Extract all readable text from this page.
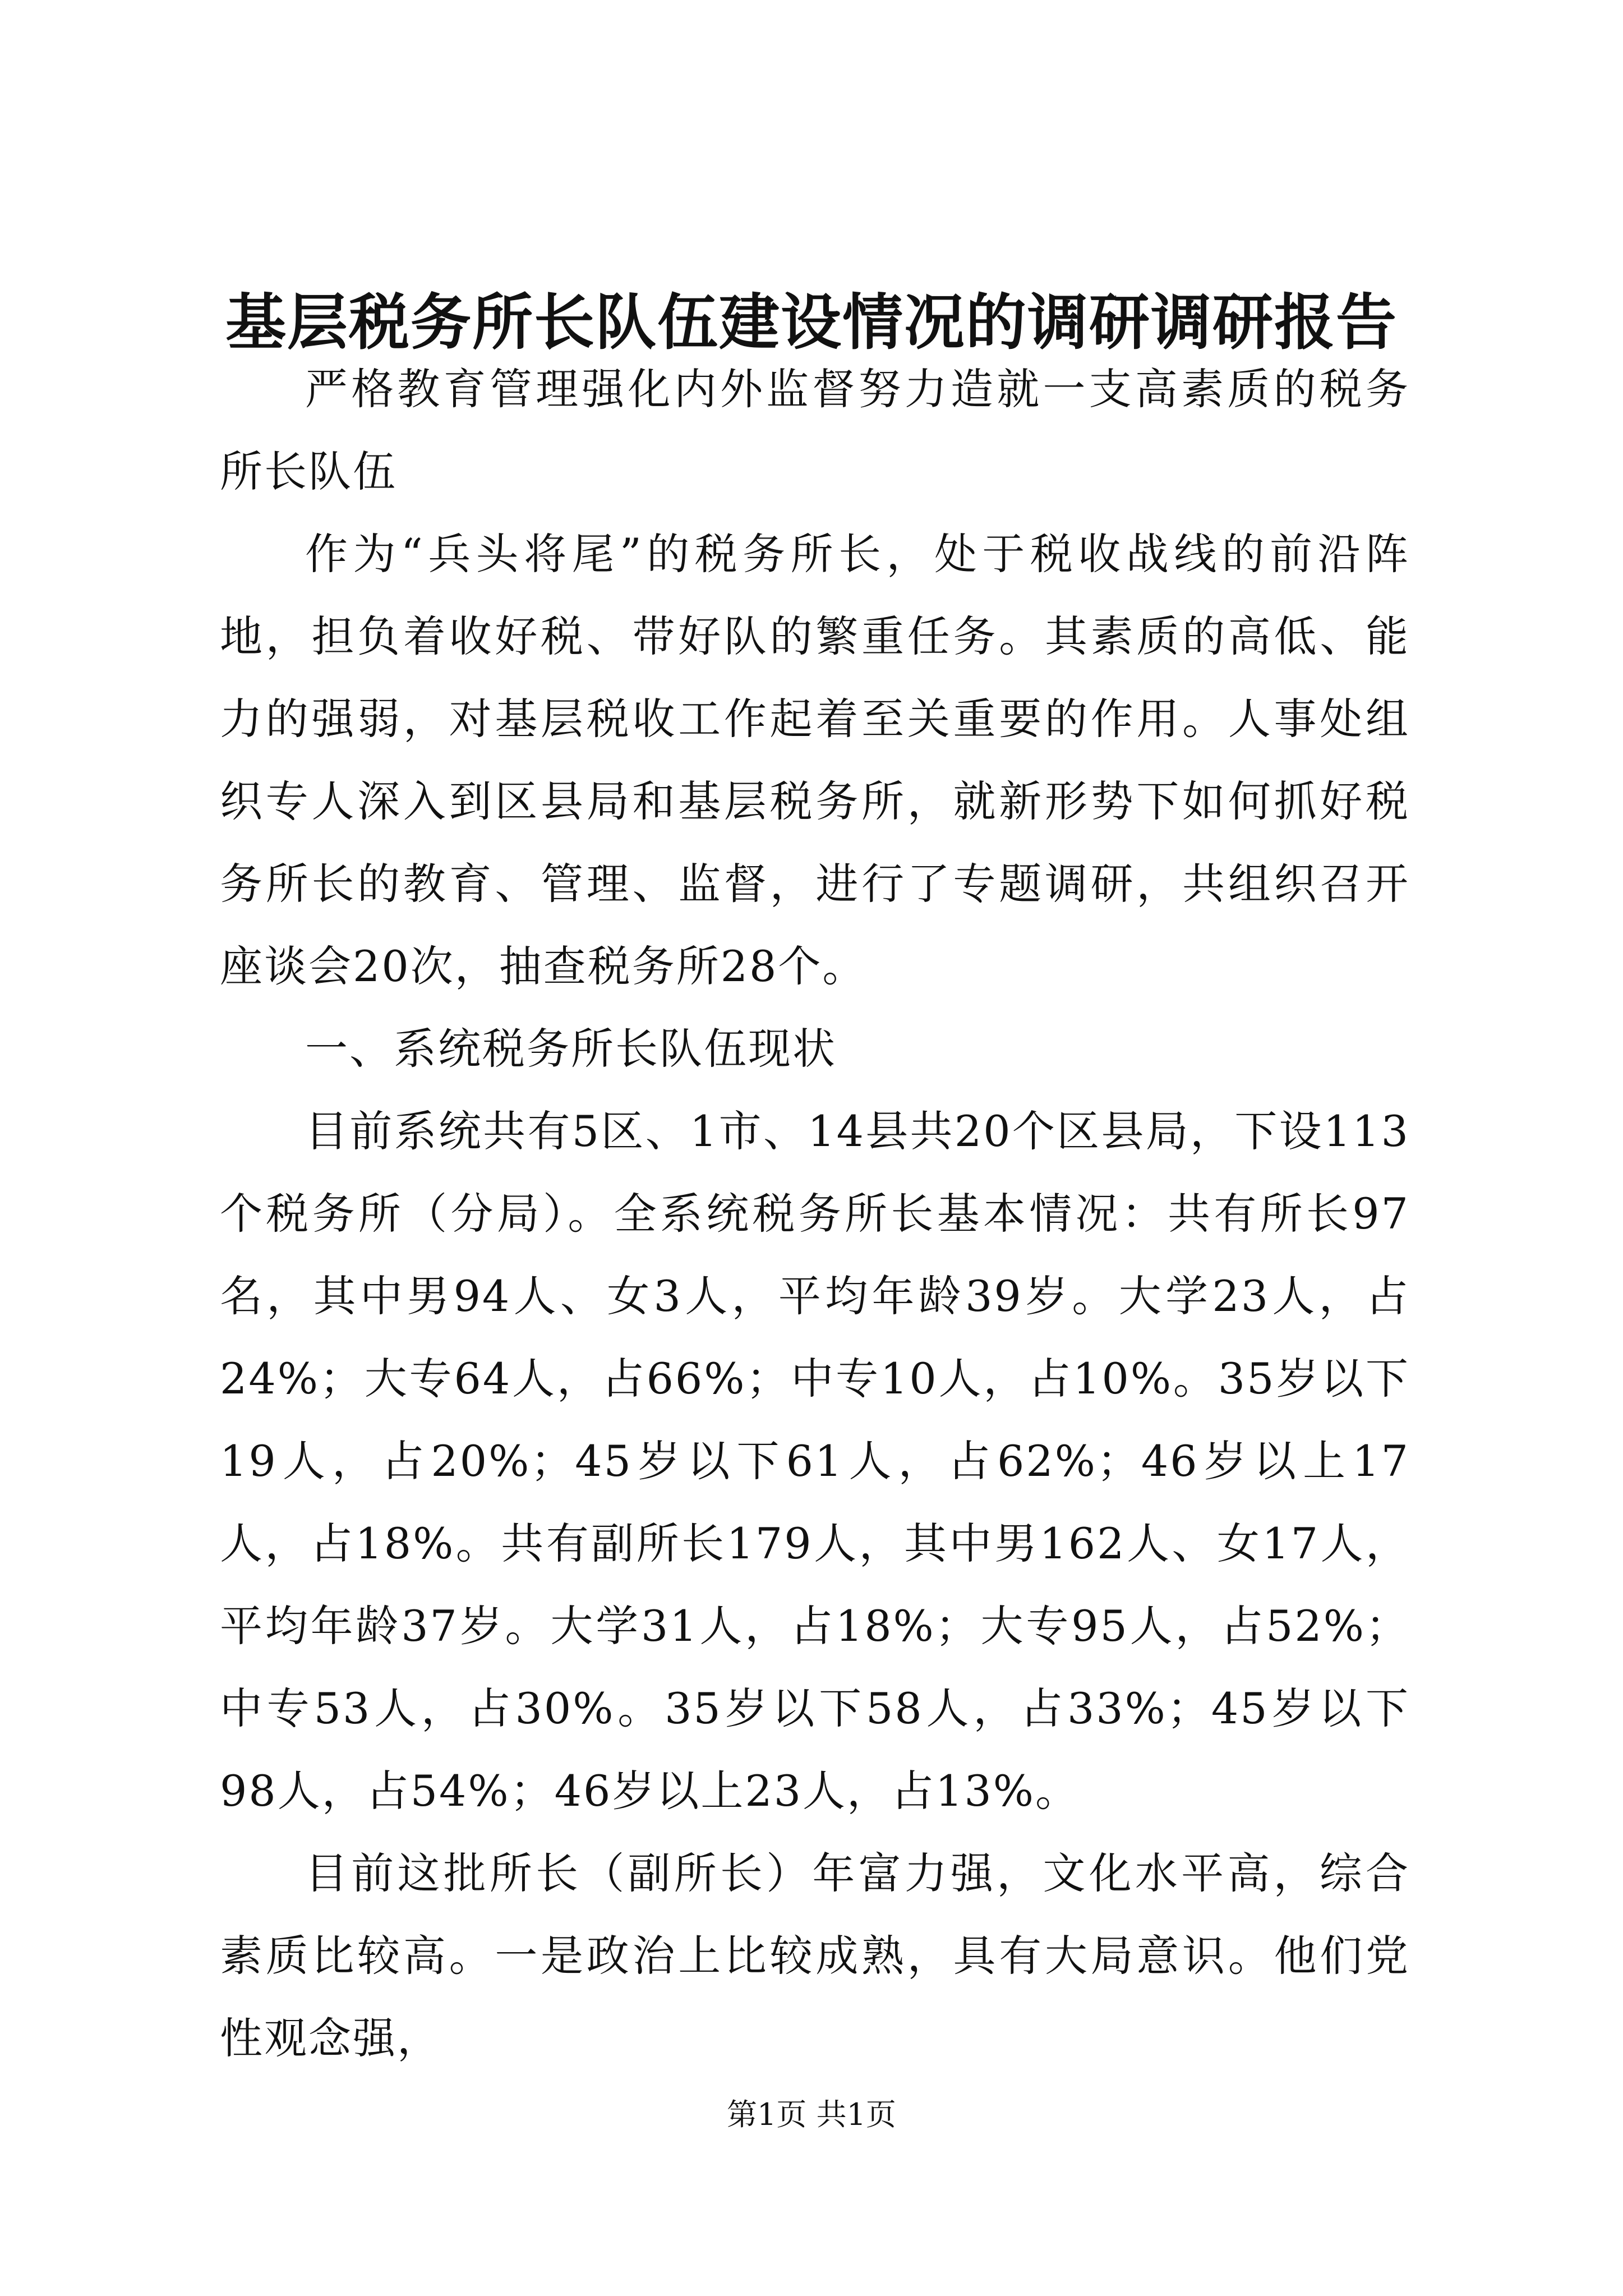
基层税务所长队伍建设情况的调研调研报告

严格教育管理强化内外监督努力造就一支高素质的税务所长队伍

作为“兵头将尾”的税务所长，处于税收战线的前沿阵地，担负着收好税、带好队的繁重任务。其素质的高低、能力的强弱，对基层税收工作起着至关重要的作用。人事处组织专人深入到区县局和基层税务所，就新形势下如何抓好税务所长的教育、管理、监督，进行了专题调研，共组织召开座谈会20次，抽查税务所28个。

一、系统税务所长队伍现状

目前系统共有5区、1市、14县共20个区县局，下设113个税务所（分局）。全系统税务所长基本情况：共有所长97名，其中男94人、女3人，平均年龄39岁。大学23人，占24%；大专64人，占66%；中专10人，占10%。35岁以下19人，占20%；45岁以下61人，占62%；46岁以上17人，占18%。共有副所长179人，其中男162人、女17人，平均年龄37岁。大学31人，占18%；大专95人，占52%；中专53人，占30%。35岁以下58人，占33%；45岁以下98人，占54%；46岁以上23人，占13%。

目前这批所长（副所长）年富力强，文化水平高，综合素质比较高。一是政治上比较成熟，具有大局意识。他们党性观念强，

第1页 共1页
